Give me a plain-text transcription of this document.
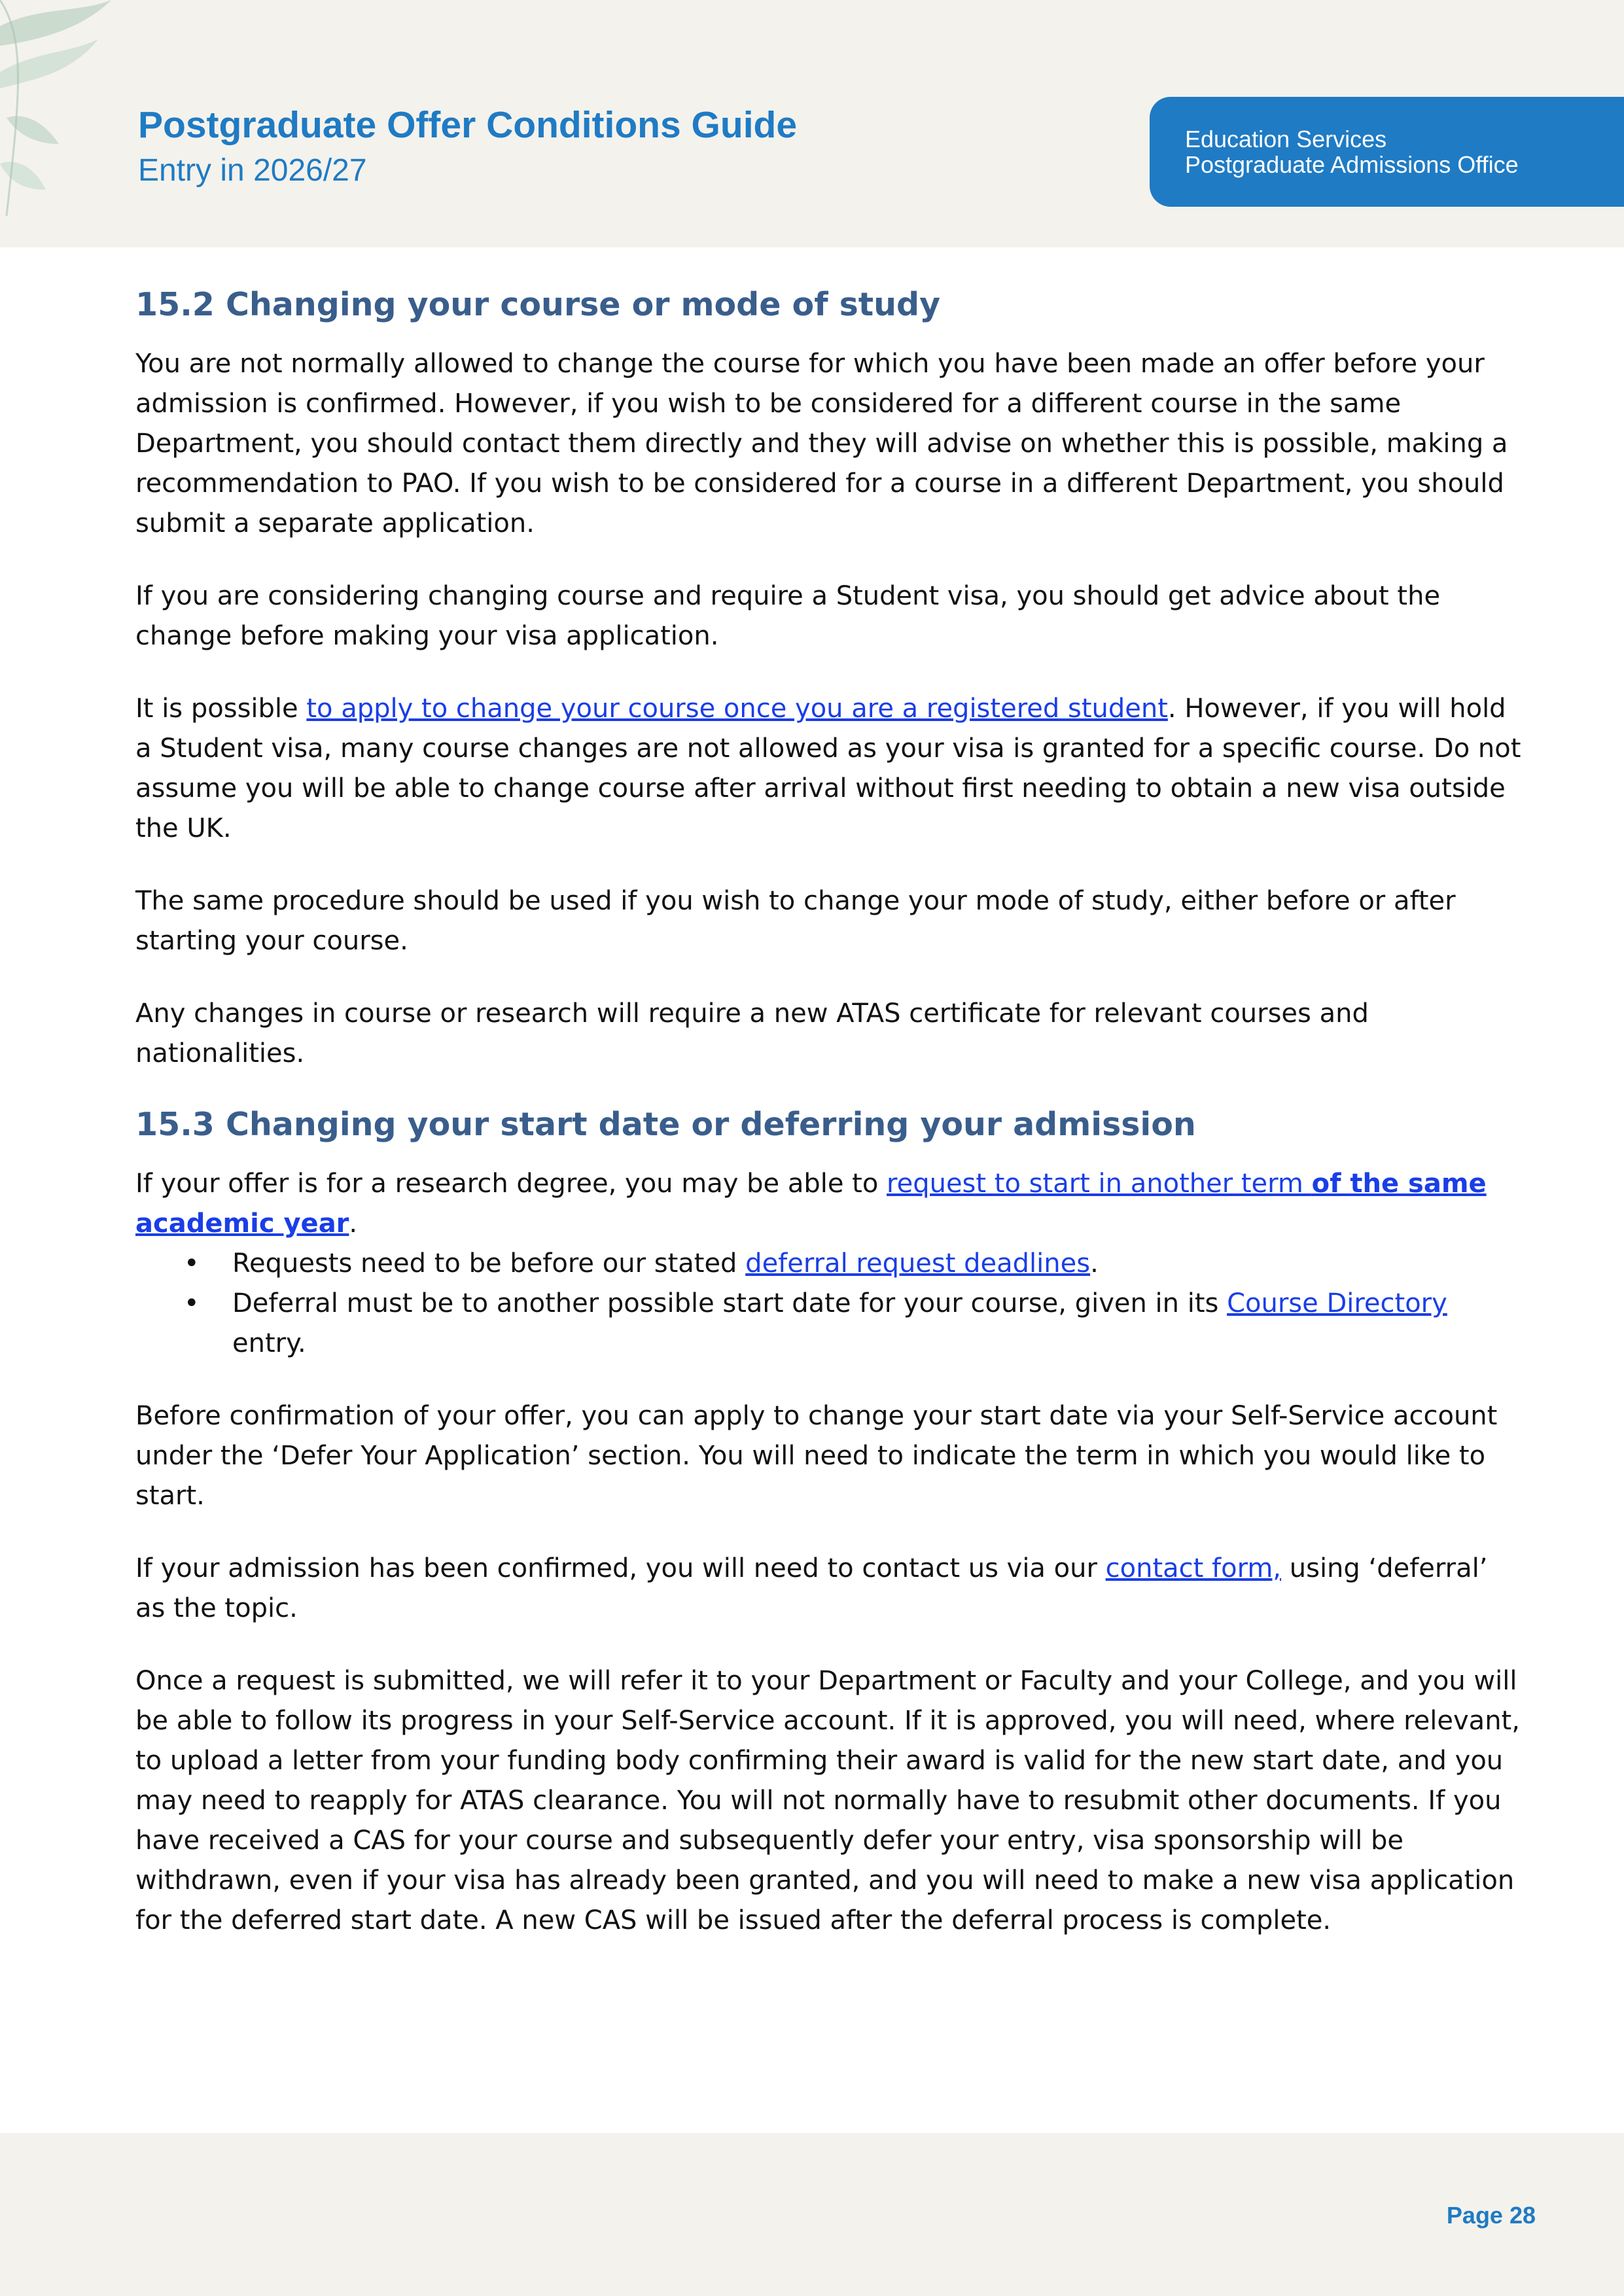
Postgraduate Offer Conditions Guide
Entry in 2026/27
Education Services
Postgraduate Admissions Office
15.2 Changing your course or mode of study

You are not normally allowed to change the course for which you have been made an offer before your admission is confirmed. However, if you wish to be considered for a different course in the same Department, you should contact them directly and they will advise on whether this is possible, making a recommendation to PAO. If you wish to be considered for a course in a different Department, you should submit a separate application.

If you are considering changing course and require a Student visa, you should get advice about the change before making your visa application.

It is possible to apply to change your course once you are a registered student. However, if you will hold a Student visa, many course changes are not allowed as your visa is granted for a specific course. Do not assume you will be able to change course after arrival without first needing to obtain a new visa outside the UK.

The same procedure should be used if you wish to change your mode of study, either before or after starting your course.

Any changes in course or research will require a new ATAS certificate for relevant courses and nationalities.

15.3 Changing your start date or deferring your admission

If your offer is for a research degree, you may be able to request to start in another term of the same academic year.

• Requests need to be before our stated deferral request deadlines.
• Deferral must be to another possible start date for your course, given in its Course Directory entry.

Before confirmation of your offer, you can apply to change your start date via your Self-Service account under the ‘Defer Your Application’ section. You will need to indicate the term in which you would like to start.

If your admission has been confirmed, you will need to contact us via our contact form, using ‘deferral’ as the topic.

Once a request is submitted, we will refer it to your Department or Faculty and your College, and you will be able to follow its progress in your Self-Service account. If it is approved, you will need, where relevant, to upload a letter from your funding body confirming their award is valid for the new start date, and you may need to reapply for ATAS clearance. You will not normally have to resubmit other documents. If you have received a CAS for your course and subsequently defer your entry, visa sponsorship will be withdrawn, even if your visa has already been granted, and you will need to make a new visa application for the deferred start date. A new CAS will be issued after the deferral process is complete.

Page 28
